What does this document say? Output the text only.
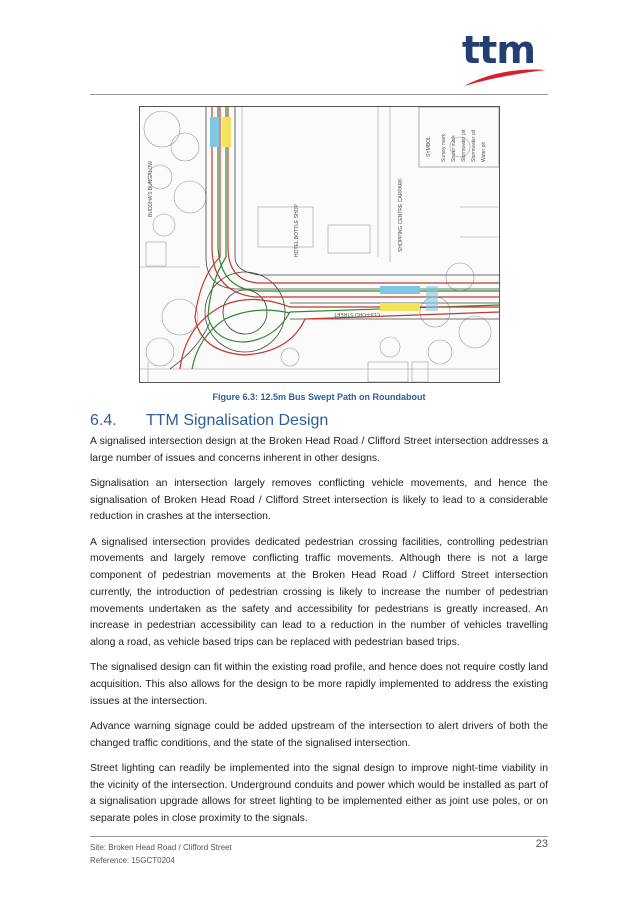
ttm
BUDDHA'S BUNGALOW
HOTEL BOTTLE SHOP	SHOPPING CENTRE CARPARK
CLIFFORD STREET
SYMBOL Survey mark Sewer mark Stormwater pit Stormwater pit Water pit
Figure 6.3: 12.5m Bus Swept Path on Roundabout
6.4. TTM Signalisation Design

A signalised intersection design at the Broken Head Road / Clifford Street intersection addresses a large number of issues and concerns inherent in other designs.

Signalisation an intersection largely removes conflicting vehicle movements, and hence the signalisation of Broken Head Road / Clifford Street intersection is likely to lead to a considerable reduction in crashes at the intersection.

A signalised intersection provides dedicated pedestrian crossing facilities, controlling pedestrian movements and largely remove conflicting traffic movements. Although there is not a large component of pedestrian movements at the Broken Head Road / Clifford Street intersection currently, the introduction of pedestrian crossing is likely to increase the number of pedestrian movements undertaken as the safety and accessibility for pedestrians is greatly increased. An increase in pedestrian accessibility can lead to a reduction in the number of vehicles travelling along a road, as vehicle based trips can be replaced with pedestrian based trips.

The signalised design can fit within the existing road profile, and hence does not require costly land acquisition. This also allows for the design to be more rapidly implemented to address the existing issues at the intersection.

Advance warning signage could be added upstream of the intersection to alert drivers of both the changed traffic conditions, and the state of the signalised intersection.

Street lighting can readily be implemented into the signal design to improve night-time viability in the vicinity of the intersection. Underground conduits and power which would be installed as part of a signalisation upgrade allows for street lighting to be implemented either as joint use poles, or on separate poles in close proximity to the signals.

Site: Broken Head Road / Clifford Street
Reference: 15GCT0204
23
